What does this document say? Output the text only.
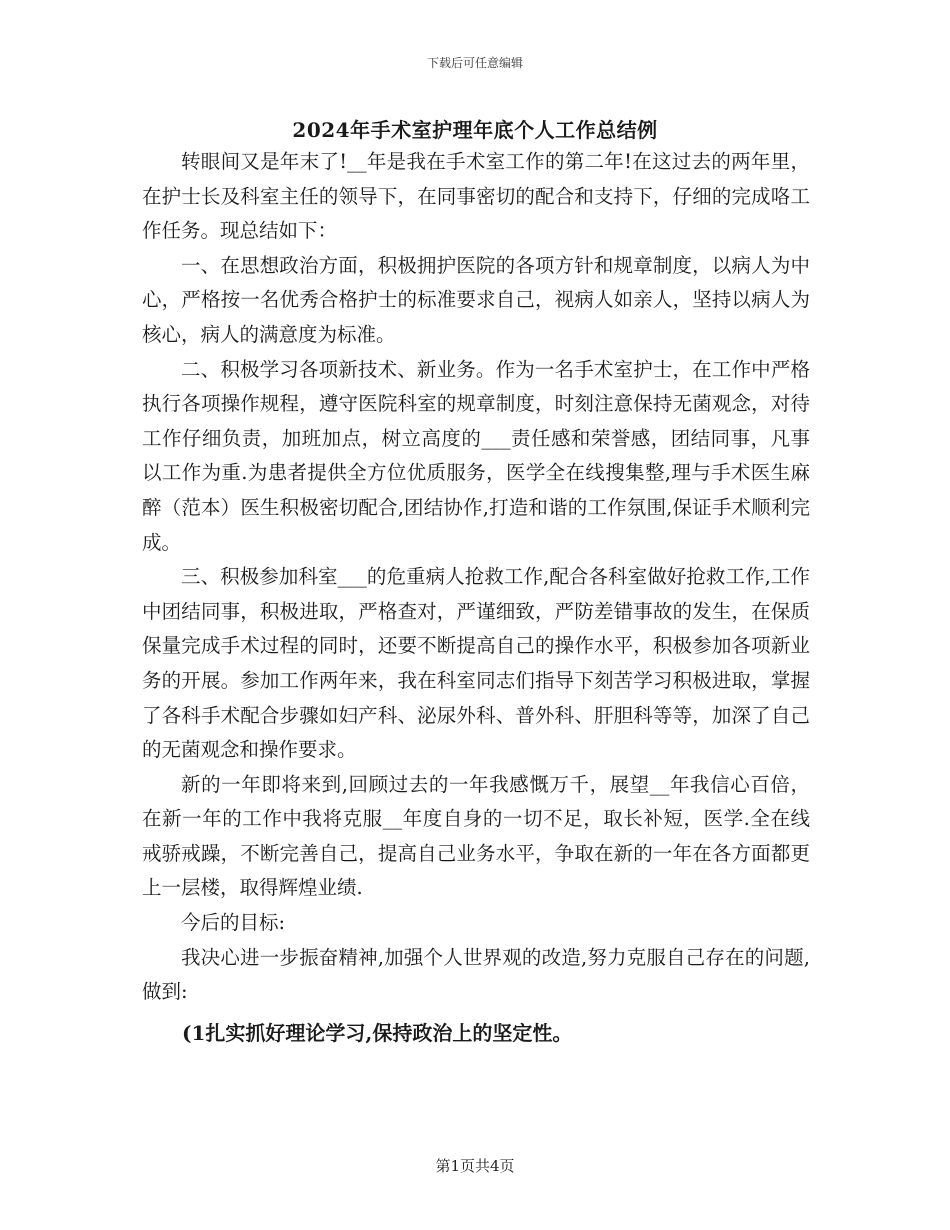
下载后可任意编辑
2024年手术室护理年底个人工作总结例

转眼间又是年末了!__年是我在手术室工作的第二年!在这过去的两年里，在护士长及科室主任的领导下，在同事密切的配合和支持下，仔细的完成咯工作任务。现总结如下：

一、在思想政治方面，积极拥护医院的各项方针和规章制度，以病人为中心，严格按一名优秀合格护士的标准要求自己，视病人如亲人，坚持以病人为核心，病人的满意度为标准。

二、积极学习各项新技术、新业务。作为一名手术室护士，在工作中严格执行各项操作规程，遵守医院科室的规章制度，时刻注意保持无菌观念，对待工作仔细负责，加班加点，树立高度的___责任感和荣誉感，团结同事，凡事以工作为重.为患者提供全方位优质服务，医学全在线搜集整,理与手术医生麻醉（范本）医生积极密切配合,团结协作,打造和谐的工作氛围,保证手术顺利完成。

三、积极参加科室___的危重病人抢救工作,配合各科室做好抢救工作,工作中团结同事，积极进取，严格查对，严谨细致，严防差错事故的发生，在保质保量完成手术过程的同时，还要不断提高自己的操作水平，积极参加各项新业务的开展。参加工作两年来，我在科室同志们指导下刻苦学习积极进取，掌握了各科手术配合步骤如妇产科、泌尿外科、普外科、肝胆科等等，加深了自己的无菌观念和操作要求。

新的一年即将来到,回顾过去的一年我感慨万千，展望__年我信心百倍，在新一年的工作中我将克服__年度自身的一切不足，取长补短，医学.全在线戒骄戒躁，不断完善自己，提高自己业务水平，争取在新的一年在各方面都更上一层楼，取得辉煌业绩.

今后的目标:

我决心进一步振奋精神,加强个人世界观的改造,努力克服自己存在的问题,做到:

(1扎实抓好理论学习,保持政治上的坚定性。

第1页共4页
